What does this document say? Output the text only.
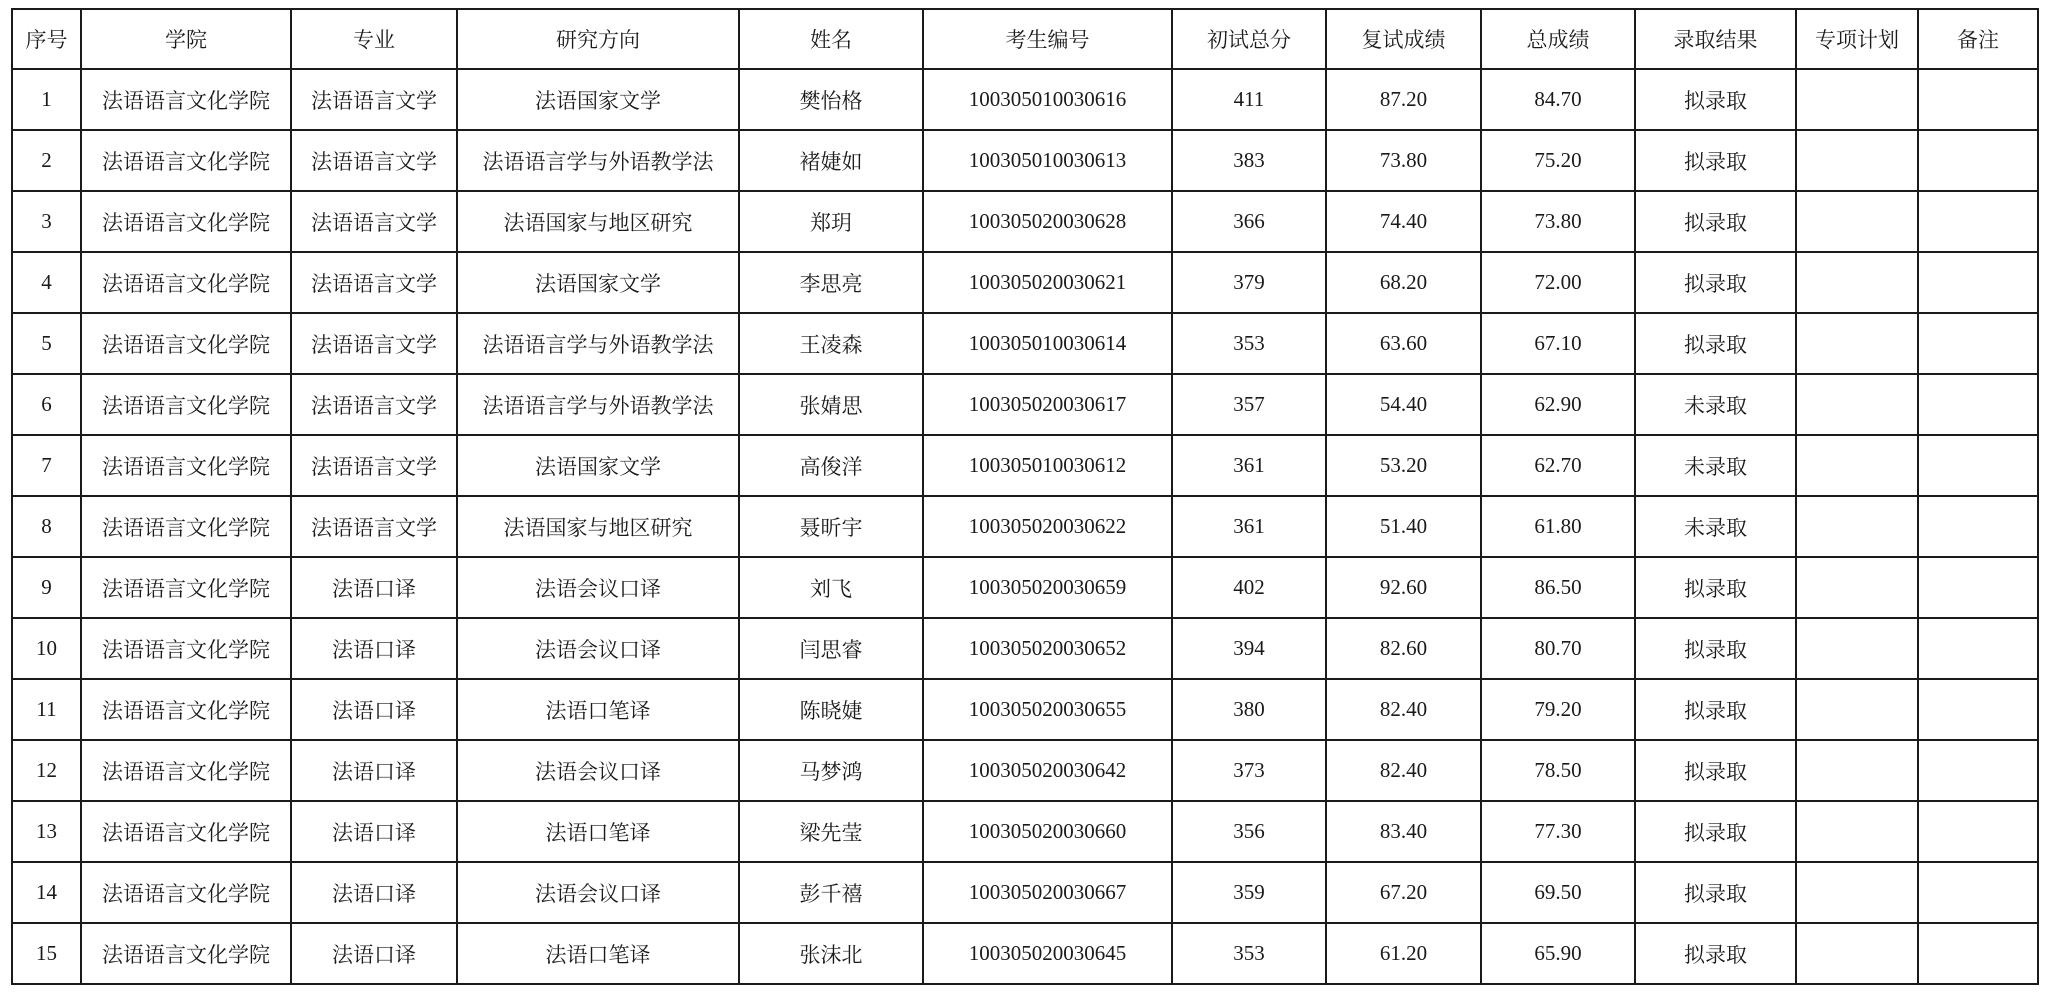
序号	学院	专业	研究方向	姓名	考生编号	初试总分	复试成绩	总成绩	录取结果	专项计划	备注
1	法语语言文化学院	法语语言文学	法语国家文学	樊怡格	100305010030616	411	87.20	84.70	拟录取		
2	法语语言文化学院	法语语言文学	法语语言学与外语教学法	褚婕如	100305010030613	383	73.80	75.20	拟录取		
3	法语语言文化学院	法语语言文学	法语国家与地区研究	郑玥	100305020030628	366	74.40	73.80	拟录取		
4	法语语言文化学院	法语语言文学	法语国家文学	李思亮	100305020030621	379	68.20	72.00	拟录取		
5	法语语言文化学院	法语语言文学	法语语言学与外语教学法	王凌森	100305010030614	353	63.60	67.10	拟录取		
6	法语语言文化学院	法语语言文学	法语语言学与外语教学法	张婧思	100305020030617	357	54.40	62.90	未录取		
7	法语语言文化学院	法语语言文学	法语国家文学	高俊洋	100305010030612	361	53.20	62.70	未录取		
8	法语语言文化学院	法语语言文学	法语国家与地区研究	聂昕宇	100305020030622	361	51.40	61.80	未录取		
9	法语语言文化学院	法语口译	法语会议口译	刘飞	100305020030659	402	92.60	86.50	拟录取		
10	法语语言文化学院	法语口译	法语会议口译	闫思睿	100305020030652	394	82.60	80.70	拟录取		
11	法语语言文化学院	法语口译	法语口笔译	陈晓婕	100305020030655	380	82.40	79.20	拟录取		
12	法语语言文化学院	法语口译	法语会议口译	马梦鸿	100305020030642	373	82.40	78.50	拟录取		
13	法语语言文化学院	法语口译	法语口笔译	梁先莹	100305020030660	356	83.40	77.30	拟录取		
14	法语语言文化学院	法语口译	法语会议口译	彭千禧	100305020030667	359	67.20	69.50	拟录取		
15	法语语言文化学院	法语口译	法语口笔译	张沫北	100305020030645	353	61.20	65.90	拟录取		
